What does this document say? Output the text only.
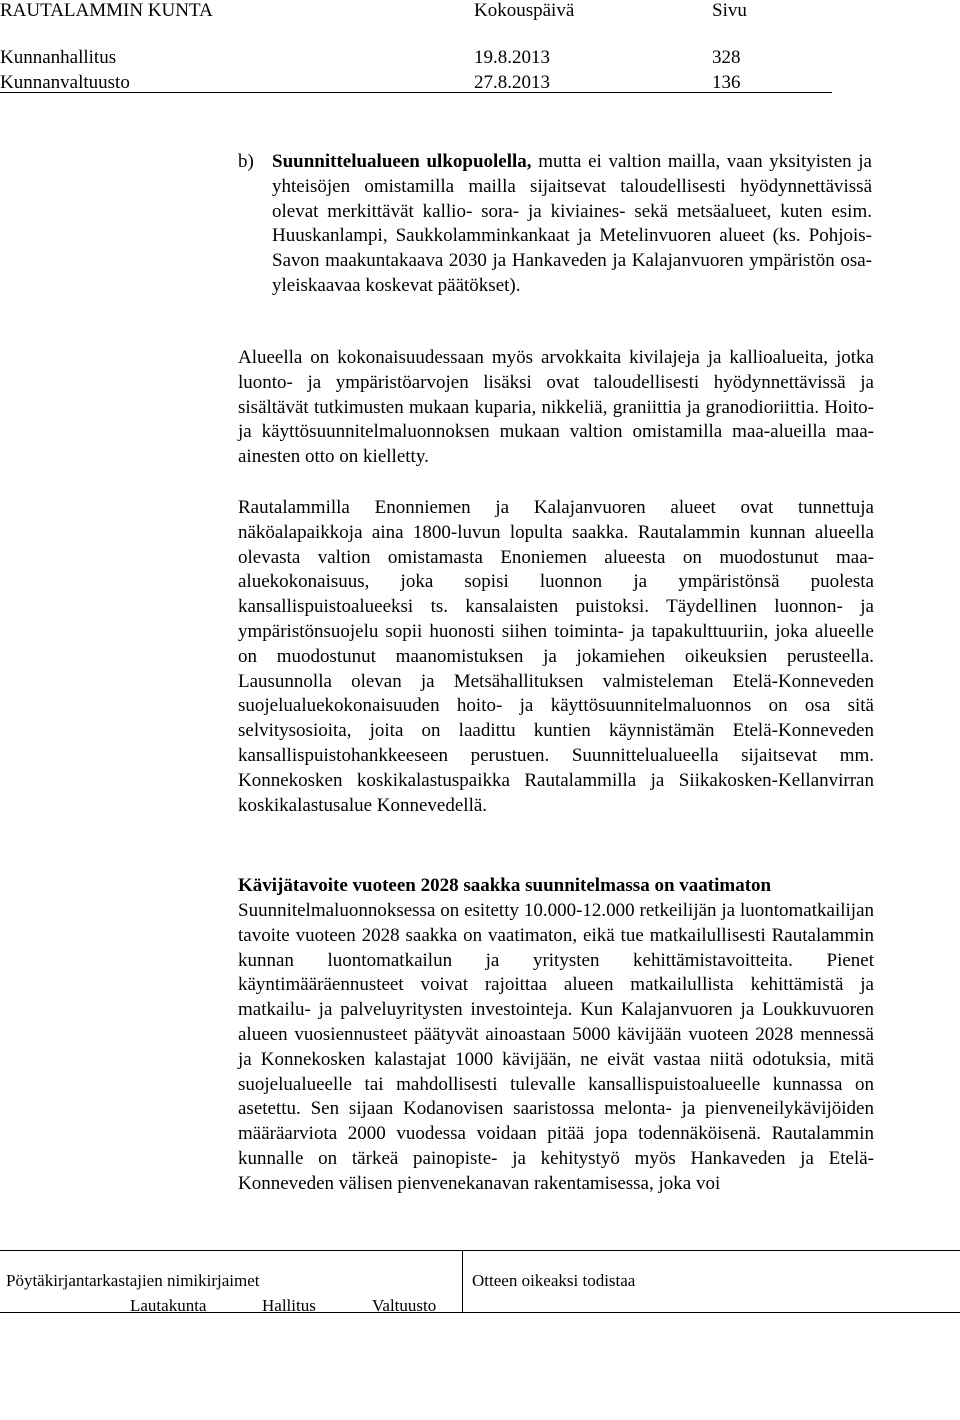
RAUTALAMMIN KUNTA	Kokouspäivä	Sivu
Kunnanhallitus	19.8.2013	328
Kunnanvaltuusto	27.8.2013	136
b) Suunnittelualueen ulkopuolella, mutta ei valtion mailla, vaan yksityisten ja yhteisöjen omistamilla mailla sijaitsevat taloudellisesti hyödynnettävissä olevat merkittävät kallio- sora- ja kiviaines- sekä metsäalueet, kuten esim. Huuskanlampi, Saukkolamminkankaat ja Metelinvuoren alueet (ks. Pohjois-Savon maakuntakaava 2030 ja Hankaveden ja Kalajanvuoren ympäristön osa-yleiskaavaa koskevat päätökset).

Alueella on kokonaisuudessaan myös arvokkaita kivilajeja ja kallioalueita, jotka luonto- ja ympäristöarvojen lisäksi ovat taloudellisesti hyödynnettävissä ja sisältävät tutkimusten mukaan kuparia, nikkeliä, graniittia ja granodioriittia. Hoito- ja käyttösuunnitelmaluonnoksen mukaan valtion omistamilla maa-alueilla maa-ainesten otto on kielletty.

Rautalammilla Enonniemen ja Kalajanvuoren alueet ovat tunnettuja näköalapaikkoja aina 1800-luvun lopulta saakka. Rautalammin kunnan alueella olevasta valtion omistamasta Enoniemen alueesta on muodostunut maa-aluekokonaisuus, joka sopisi luonnon ja ympäristönsä puolesta kansallispuistoalueeksi ts. kansalaisten puistoksi. Täydellinen luonnon- ja ympäristönsuojelu sopii huonosti siihen toiminta- ja tapakulttuuriin, joka alueelle on muodostunut maanomistuksen ja jokamiehen oikeuksien perusteella. Lausunnolla olevan ja Metsähallituksen valmisteleman Etelä-Konneveden suojelualuekokonaisuuden hoito- ja käyttösuunnitelmaluonnos on osa sitä selvitysosioita, joita on laadittu kuntien käynnistämän Etelä-Konneveden kansallispuistohankkeeseen perustuen. Suunnittelualueella sijaitsevat mm. Konnekosken koskikalastuspaikka Rautalammilla ja Siikakosken-Kellanvirran koskikalastusalue Konnevedellä.

Kävijätavoite vuoteen 2028 saakka suunnitelmassa on vaatimaton

Suunnitelmaluonnoksessa on esitetty 10.000-12.000 retkeilijän ja luontomatkailijan tavoite vuoteen 2028 saakka on vaatimaton, eikä tue matkailullisesti Rautalammin kunnan luontomatkailun ja yritysten kehittämistavoitteita. Pienet käyntimääräennusteet voivat rajoittaa alueen matkailullista kehittämistä ja matkailu- ja palveluyritysten investointeja. Kun Kalajanvuoren ja Loukkuvuoren alueen vuosiennusteet päätyvät ainoastaan 5000 kävijään vuoteen 2028 mennessä ja Konnekosken kalastajat 1000 kävijään, ne eivät vastaa niitä odotuksia, mitä suojelualueelle tai mahdollisesti tulevalle kansallispuistoalueelle kunnassa on asetettu. Sen sijaan Kodanovisen saaristossa melonta- ja pienveneilykävijöiden määräarviota 2000 vuodessa voidaan pitää jopa todennäköisenä. Rautalammin kunnalle on tärkeä painopiste- ja kehitystyö myös Hankaveden ja Etelä-Konneveden välisen pienvenekanavan rakentamisessa, joka voi

Pöytäkirjantarkastajien nimikirjaimet
Lautakunta	Hallitus	Valtuusto
Otteen oikeaksi todistaa
